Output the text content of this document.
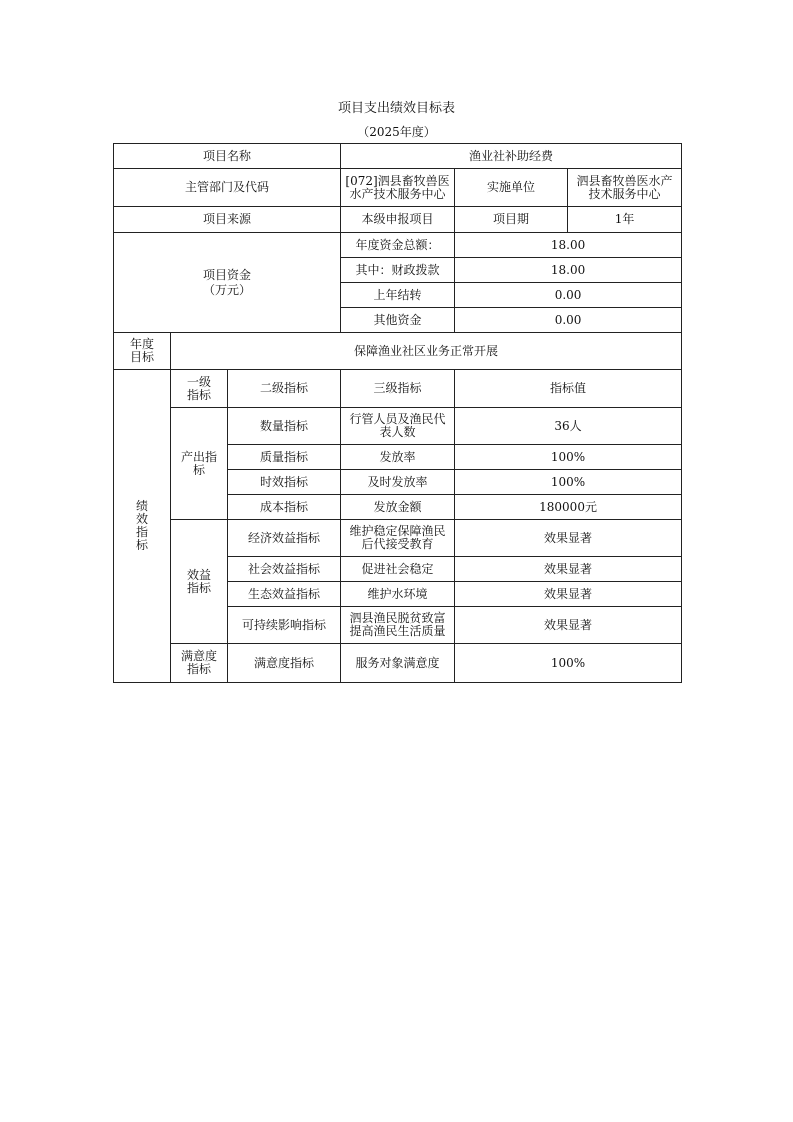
项目支出绩效目标表
（2025年度）
项目名称			渔业社补助经费		
主管部门及代码			[072]泗县畜牧兽医水产技术服务中心	实施单位	泗县畜牧兽医水产技术服务中心
项目来源			本级申报项目	项目期	1年

项目资金（万元）			年度资金总额：	18.00	
			其中：财政拨款	18.00	
			上年结转	0.00	
			其他资金	0.00	

年度目标	保障渔业社区业务正常开展				

绩效指标	一级指标	二级指标	三级指标	指标值	

	产出指标	数量指标	行管人员及渔民代表人数	36人	
		质量指标	发放率	100%	
		时效指标	及时发放率	100%	
		成本指标	发放金额	180000元	

	效益指标	经济效益指标	维护稳定保障渔民后代接受教育	效果显著	
		社会效益指标	促进社会稳定	效果显著	
		生态效益指标	维护水环境	效果显著	
		可持续影响指标	泗县渔民脱贫致富提高渔民生活质量	效果显著	

	满意度指标	满意度指标	服务对象满意度	100%	
